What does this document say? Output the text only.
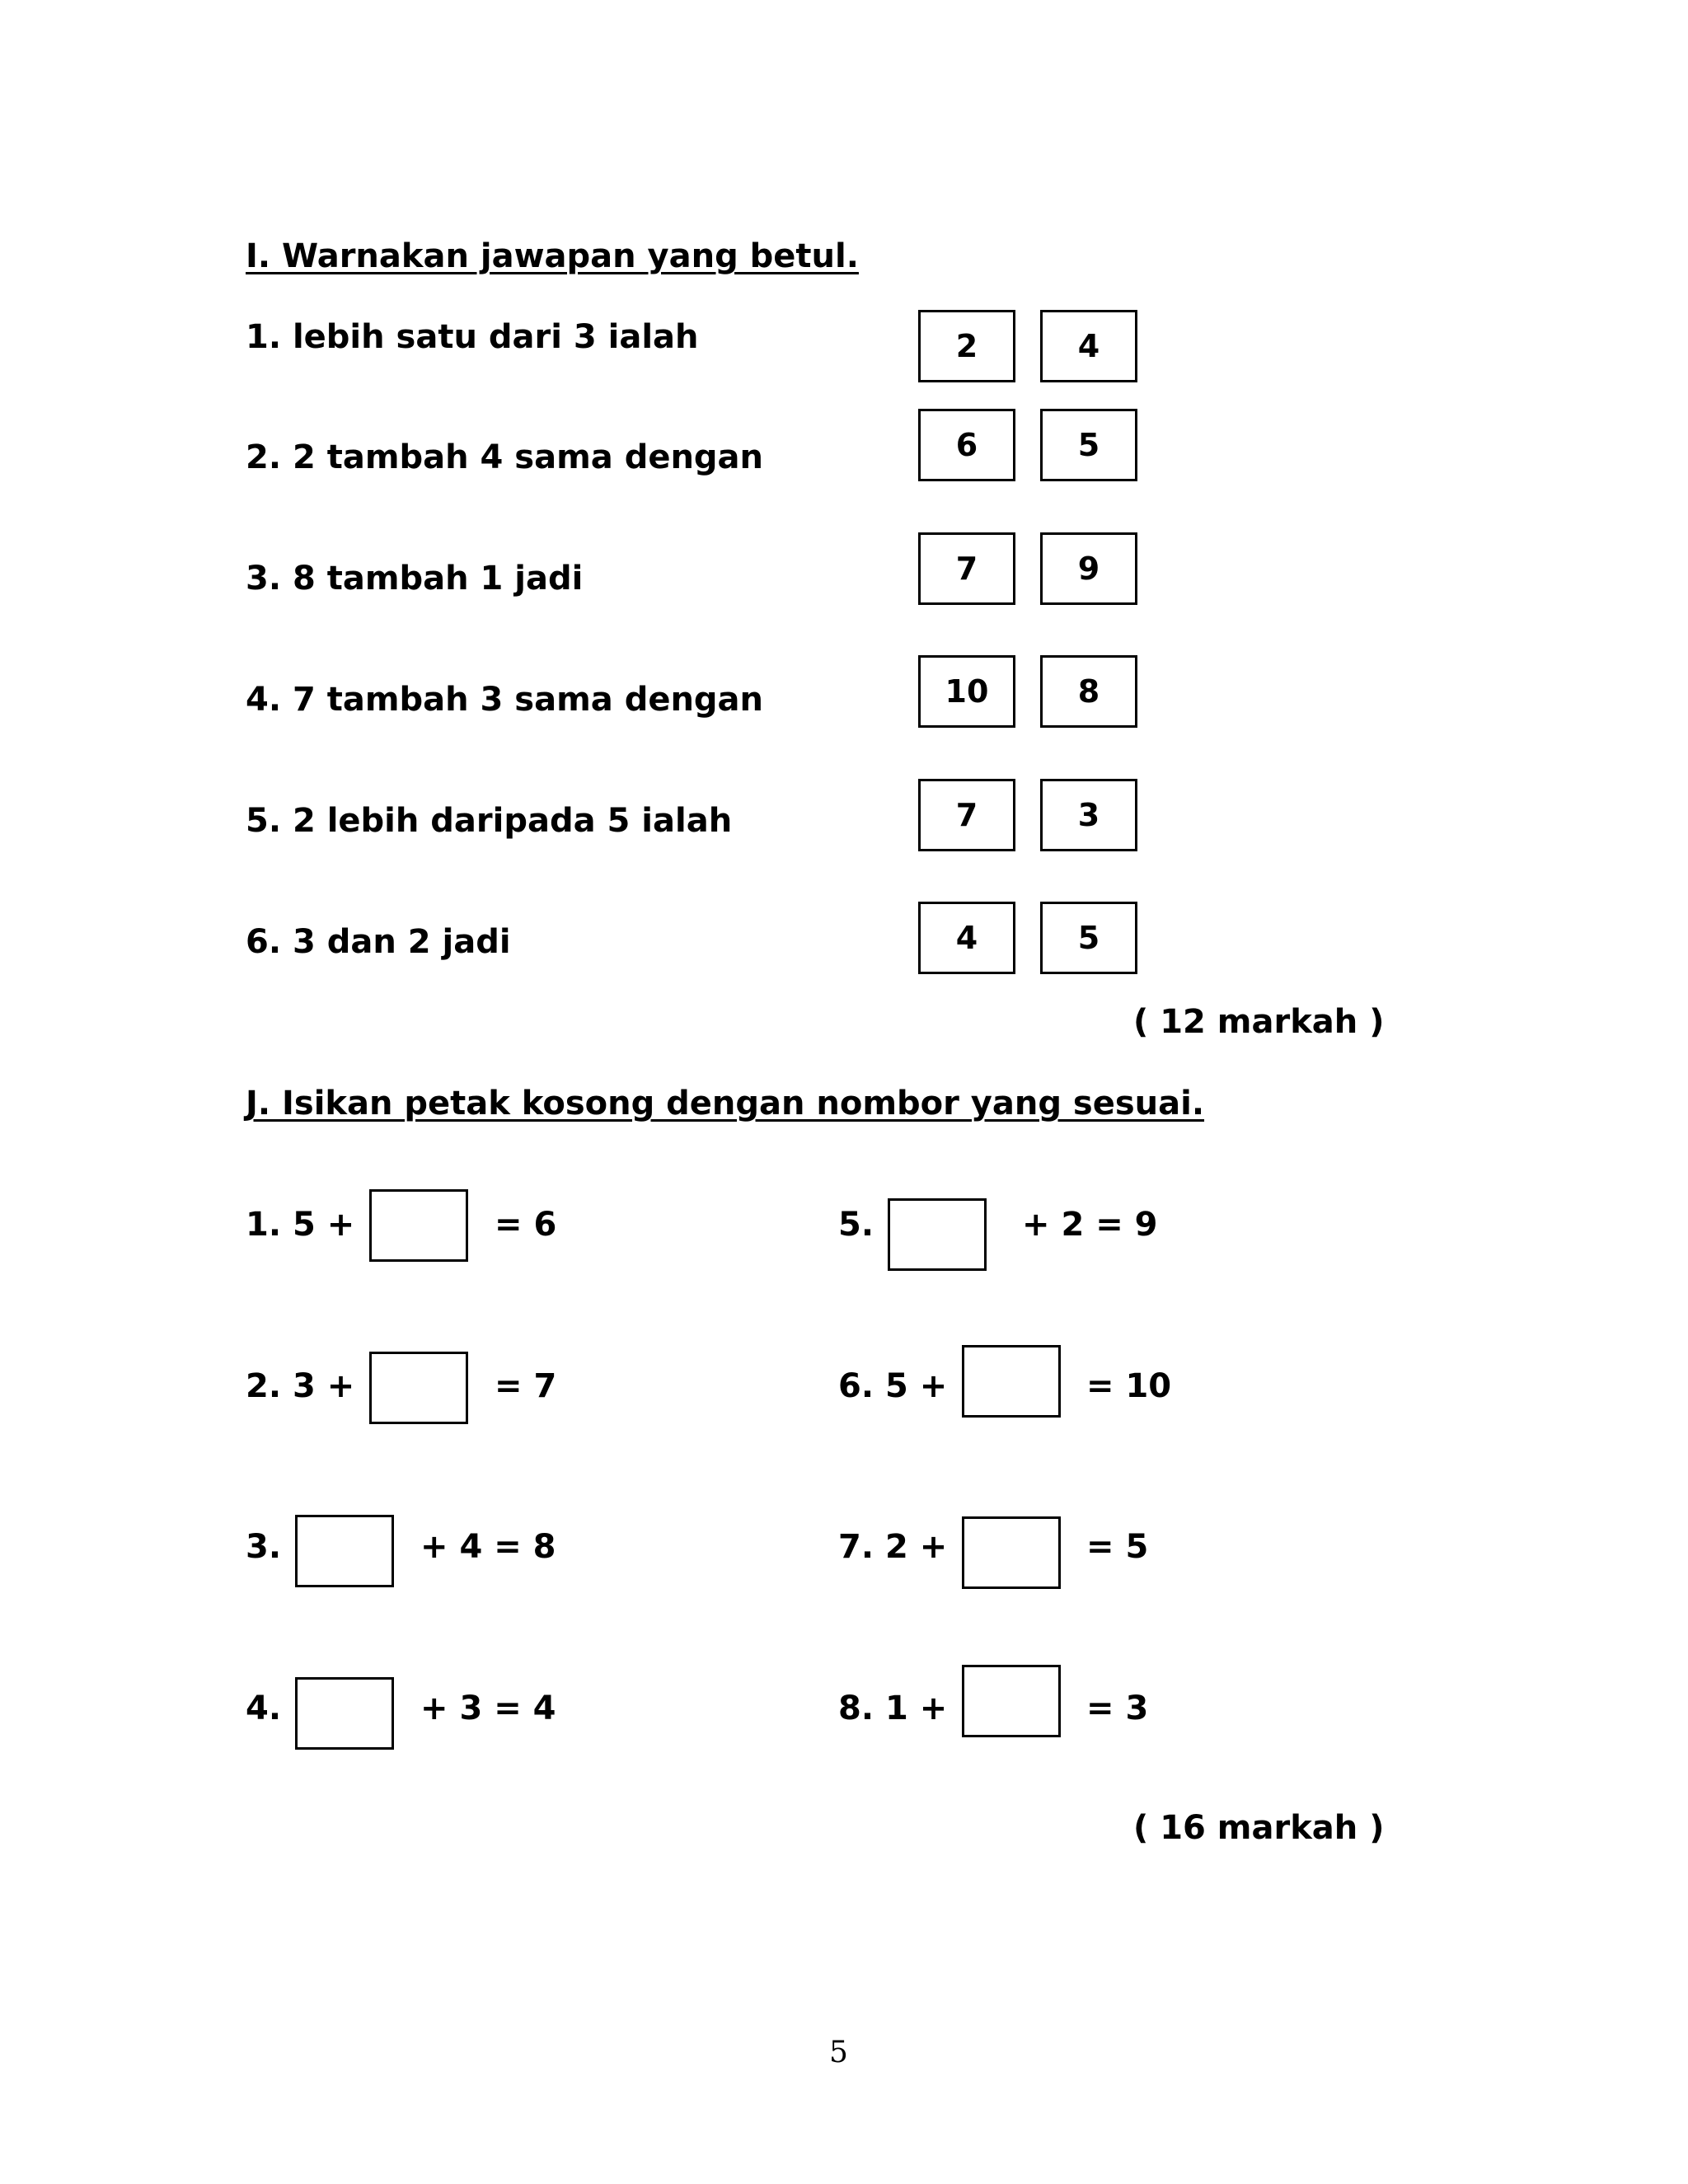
I. Warnakan jawapan yang betul.
1. lebih satu dari 3 ialah	2	4
2. 2 tambah 4 sama dengan	6	5
3. 8 tambah 1 jadi	7	9
4. 7 tambah 3 sama dengan	10	8
5. 2 lebih daripada 5 ialah	7	3
6. 3 dan 2 jadi	4	5
( 12 markah )
J. Isikan petak kosong dengan nombor yang sesuai.
1. 5 +	= 6
2. 3 +	= 7
3.	+ 4 = 8
4.	+ 3 = 4
5.	+ 2 = 9
6. 5 +	= 10
7. 2 +	= 5
8. 1 +	= 3
( 16 markah )
5
